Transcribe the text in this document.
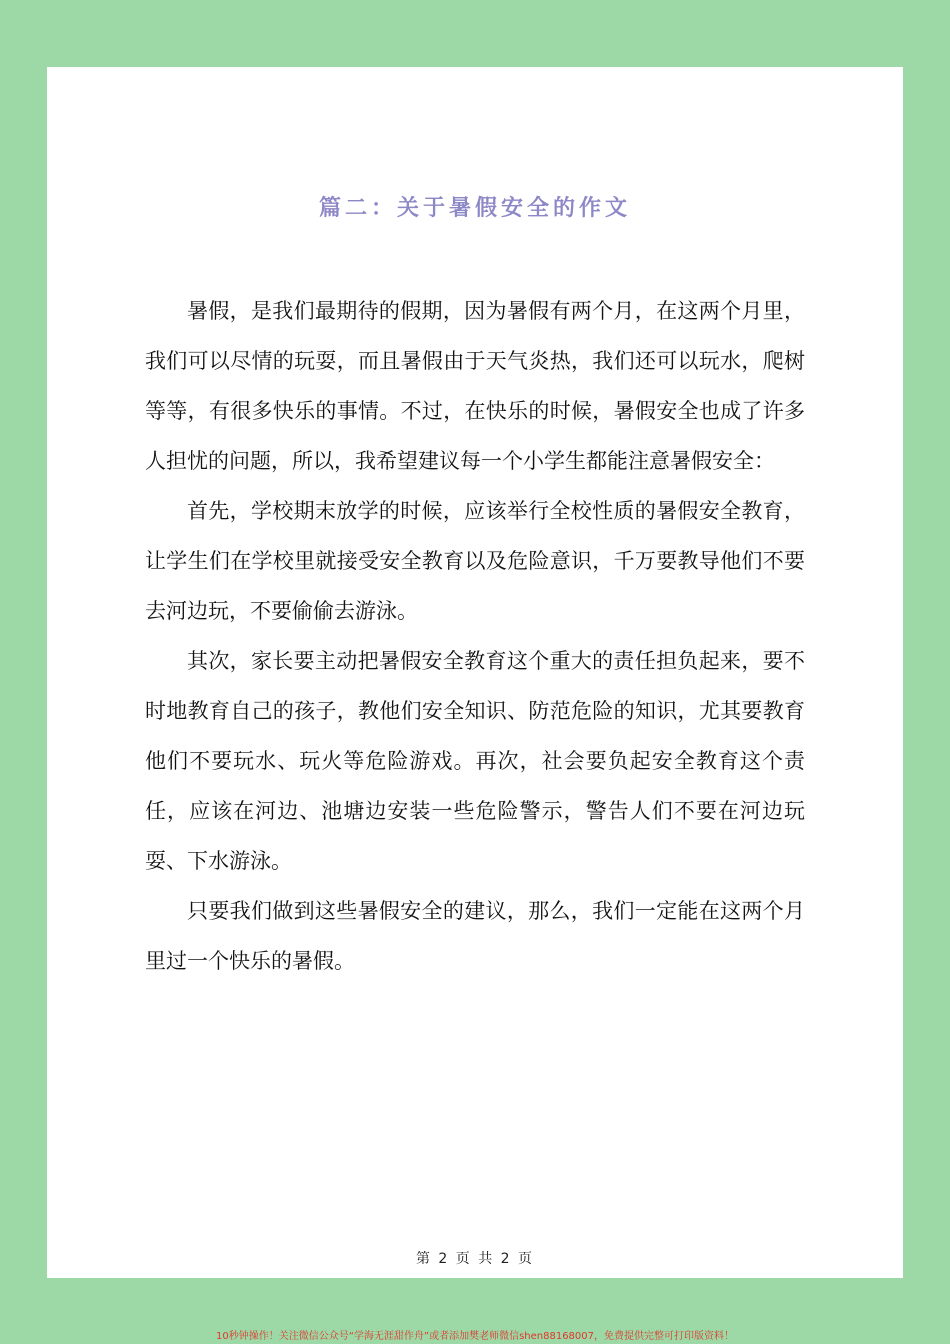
篇二：关于暑假安全的作文

暑假，是我们最期待的假期，因为暑假有两个月，在这两个月里，我们可以尽情的玩耍，而且暑假由于天气炎热，我们还可以玩水，爬树等等，有很多快乐的事情。不过，在快乐的时候，暑假安全也成了许多人担忧的问题，所以，我希望建议每一个小学生都能注意暑假安全：

首先，学校期末放学的时候，应该举行全校性质的暑假安全教育，让学生们在学校里就接受安全教育以及危险意识，千万要教导他们不要去河边玩，不要偷偷去游泳。

其次，家长要主动把暑假安全教育这个重大的责任担负起来，要不时地教育自己的孩子，教他们安全知识、防范危险的知识，尤其要教育他们不要玩水、玩火等危险游戏。再次，社会要负起安全教育这个责任，应该在河边、池塘边安装一些危险警示，警告人们不要在河边玩耍、下水游泳。

只要我们做到这些暑假安全的建议，那么，我们一定能在这两个月里过一个快乐的暑假。

第 2 页 共 2 页
10秒钟操作！关注微信公众号“学海无涯甜作舟”或者添加樊老师微信shen88168007，免费提供完整可打印版资料！
